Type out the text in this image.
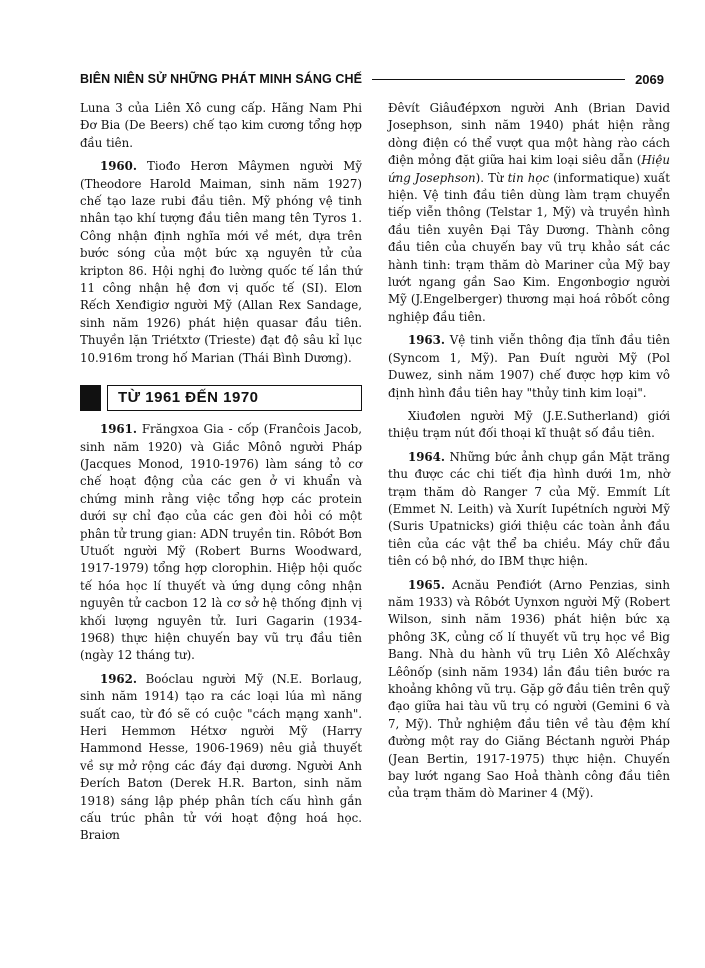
BIÊN NIÊN SỬ NHỮNG PHÁT MINH SÁNG CHẾ	2069

Luna 3 của Liên Xô cung cấp. Hãng Nam Phi Đơ Bia (De Beers) chế tạo kim cương tổng hợp đầu tiên.

1960. Tiođo Herơn Mâymen người Mỹ (Theodore Harold Maiman, sinh năm 1927) chế tạo laze rubi đầu tiên. Mỹ phóng vệ tinh nhân tạo khí tượng đầu tiên mang tên Tyros 1. Công nhận định nghĩa mới về mét, dựa trên bước sóng của một bức xạ nguyên tử của kripton 86. Hội nghị đo lường quốc tế lần thứ 11 công nhận hệ đơn vị quốc tế (SI). Elơn Rếch Xenđigiơ người Mỹ (Allan Rex Sandage, sinh năm 1926) phát hiện quasar đầu tiên. Thuyền lặn Triétxtơ (Trieste) đạt độ sâu kỉ lục 10.916m trong hố Marian (Thái Bình Dương).

TỪ 1961 ĐẾN 1970

1961. Frăngxoa Gia - cốp (Franĉois Jacob, sinh năm 1920) và Giắc Mônô người Pháp (Jacques Monod, 1910-1976) làm sáng tỏ cơ chế hoạt động của các gen ở vi khuẩn và chứng minh rằng việc tổng hợp các protein dưới sự chỉ đạo của các gen đòi hỏi có một phân tử trung gian: ADN truyền tin. Rôbớt Bơn Utuốt người Mỹ (Robert Burns Woodward, 1917-1979) tổng hợp clorophin. Hiệp hội quốc tế hóa học lí thuyết và ứng dụng công nhận nguyên tử cacbon 12 là cơ sở hệ thống định vị khối lượng nguyên tử. Iuri Gagarin (1934-1968) thực hiện chuyến bay vũ trụ đầu tiên (ngày 12 tháng tư).

1962. Boóclau người Mỹ (N.E. Borlaug, sinh năm 1914) tạo ra các loại lúa mì năng suất cao, từ đó sẽ có cuộc "cách mạng xanh". Heri Hemmơn Hétxơ người Mỹ (Harry Hammond Hesse, 1906-1969) nêu giả thuyết về sự mở rộng các đáy đại dương. Người Anh Đerích Batơn (Derek H.R. Barton, sinh năm 1918) sáng lập phép phân tích cấu hình gắn cấu trúc phân tử với hoạt động hoá học. Braiơn

Đêvít Giâuđépxơn người Anh (Brian David Josephson, sinh năm 1940) phát hiện rằng dòng điện có thể vượt qua một hàng rào cách điện mỏng đặt giữa hai kim loại siêu dẫn (Hiệu ứng Josephson). Từ tin học (informatique) xuất hiện. Vệ tinh đầu tiên dùng làm trạm chuyển tiếp viễn thông (Telstar 1, Mỹ) và truyền hình đầu tiên xuyên Đại Tây Dương. Thành công đầu tiên của chuyến bay vũ trụ khảo sát các hành tinh: trạm thăm dò Mariner của Mỹ bay lướt ngang gần Sao Kim. Engơnbơgiơ người Mỹ (J.Engelberger) thương mại hoá rôbốt công nghiệp đầu tiên.

1963. Vệ tinh viễn thông địa tĩnh đầu tiên (Syncom 1, Mỹ). Pan Đuít người Mỹ (Pol Duwez, sinh năm 1907) chế được hợp kim vô định hình đầu tiên hay "thủy tinh kim loại".

Xiuđơlen người Mỹ (J.E.Sutherland) giới thiệu trạm nút đối thoại kĩ thuật số đầu tiên.

1964. Những bức ảnh chụp gần Mặt trăng thu được các chi tiết địa hình dưới 1m, nhờ trạm thăm dò Ranger 7 của Mỹ. Emmít Lít (Emmet N. Leith) và Xurít Iupétních người Mỹ (Suris Upatnicks) giới thiệu các toàn ảnh đầu tiên của các vật thể ba chiều. Máy chữ đầu tiên có bộ nhớ, do IBM thực hiện.

1965. Acnău Penđiớt (Arno Penzias, sinh năm 1933) và Rôbớt Uynxơn người Mỹ (Robert Wilson, sinh năm 1936) phát hiện bức xạ phông 3K, củng cố lí thuyết vũ trụ học về Big Bang. Nhà du hành vũ trụ Liên Xô Alếchxây Lêônốp (sinh năm 1934) lần đầu tiên bước ra khoảng không vũ trụ. Gặp gỡ đầu tiên trên quỹ đạo giữa hai tàu vũ trụ có người (Gemini 6 và 7, Mỹ). Thử nghiệm đầu tiên về tàu đệm khí đường một ray do Giăng Béctanh người Pháp (Jean Bertin, 1917-1975) thực hiện. Chuyến bay lướt ngang Sao Hoả thành công đầu tiên của trạm thăm dò Mariner 4 (Mỹ).
